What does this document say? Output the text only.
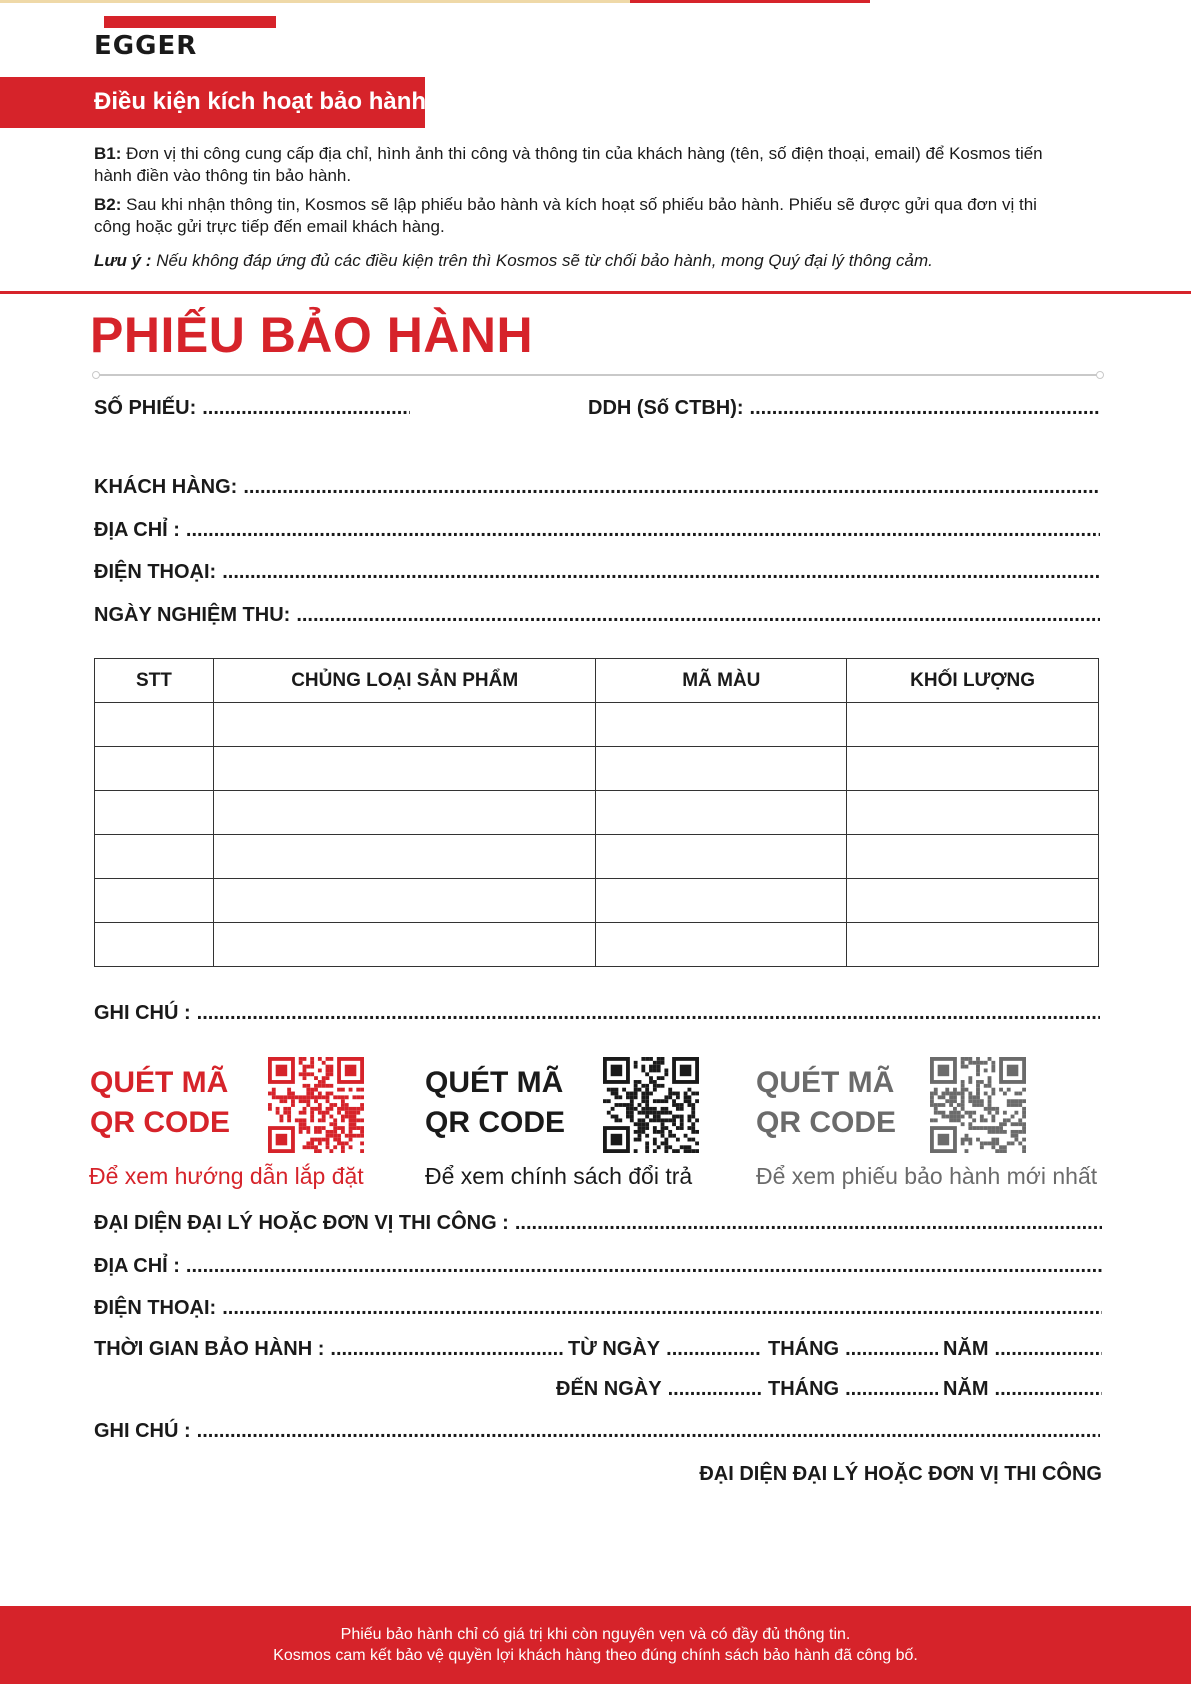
EGGER
Điều kiện kích hoạt bảo hành
B1: Đơn vị thi công cung cấp địa chỉ, hình ảnh thi công và thông tin của khách hàng (tên, số điện thoại, email) để Kosmos tiến hành điền vào thông tin bảo hành.
B2: Sau khi nhận thông tin, Kosmos sẽ lập phiếu bảo hành và kích hoạt số phiếu bảo hành. Phiếu sẽ được gửi qua đơn vị thi công hoặc gửi trực tiếp đến email khách hàng.
Lưu ý : Nếu không đáp ứng đủ các điều kiện trên thì Kosmos sẽ từ chối bảo hành, mong Quý đại lý thông cảm.
PHIẾU BẢO HÀNH
SỐ PHIẾU: .....	DDH (Số CTBH):
.....
KHÁCH HÀNG:
.....
ĐỊA CHỈ :
.....
ĐIỆN THOẠI:
.....
NGÀY NGHIỆM THU:
.....
STT	CHỦNG LOẠI SẢN PHẨM	MÃ MÀU	KHỐI LƯỢNG

GHI CHÚ :
.....
QUÉT MÃ
QR CODE
Để xem hướng dẫn lắp đặt
QUÉT MÃ
QR CODE
Để xem chính sách đổi trả
QUÉT MÃ
QR CODE
Để xem phiếu bảo hành mới nhất
ĐẠI DIỆN ĐẠI LÝ HOẶC ĐƠN VỊ THI CÔNG :
.....
ĐỊA CHỈ :
.....
ĐIỆN THOẠI:
.....
THỜI GIAN BẢO HÀNH : .....	TỪ NGÀY .....	THÁNG .....	NĂM
.....
ĐẾN NGÀY .....	THÁNG .....	NĂM
.....
GHI CHÚ :
.....
ĐẠI DIỆN ĐẠI LÝ HOẶC ĐƠN VỊ THI CÔNG
Phiếu bảo hành chỉ có giá trị khi còn nguyên vẹn và có đầy đủ thông tin.
Kosmos cam kết bảo vệ quyền lợi khách hàng theo đúng chính sách bảo hành đã công bố.
